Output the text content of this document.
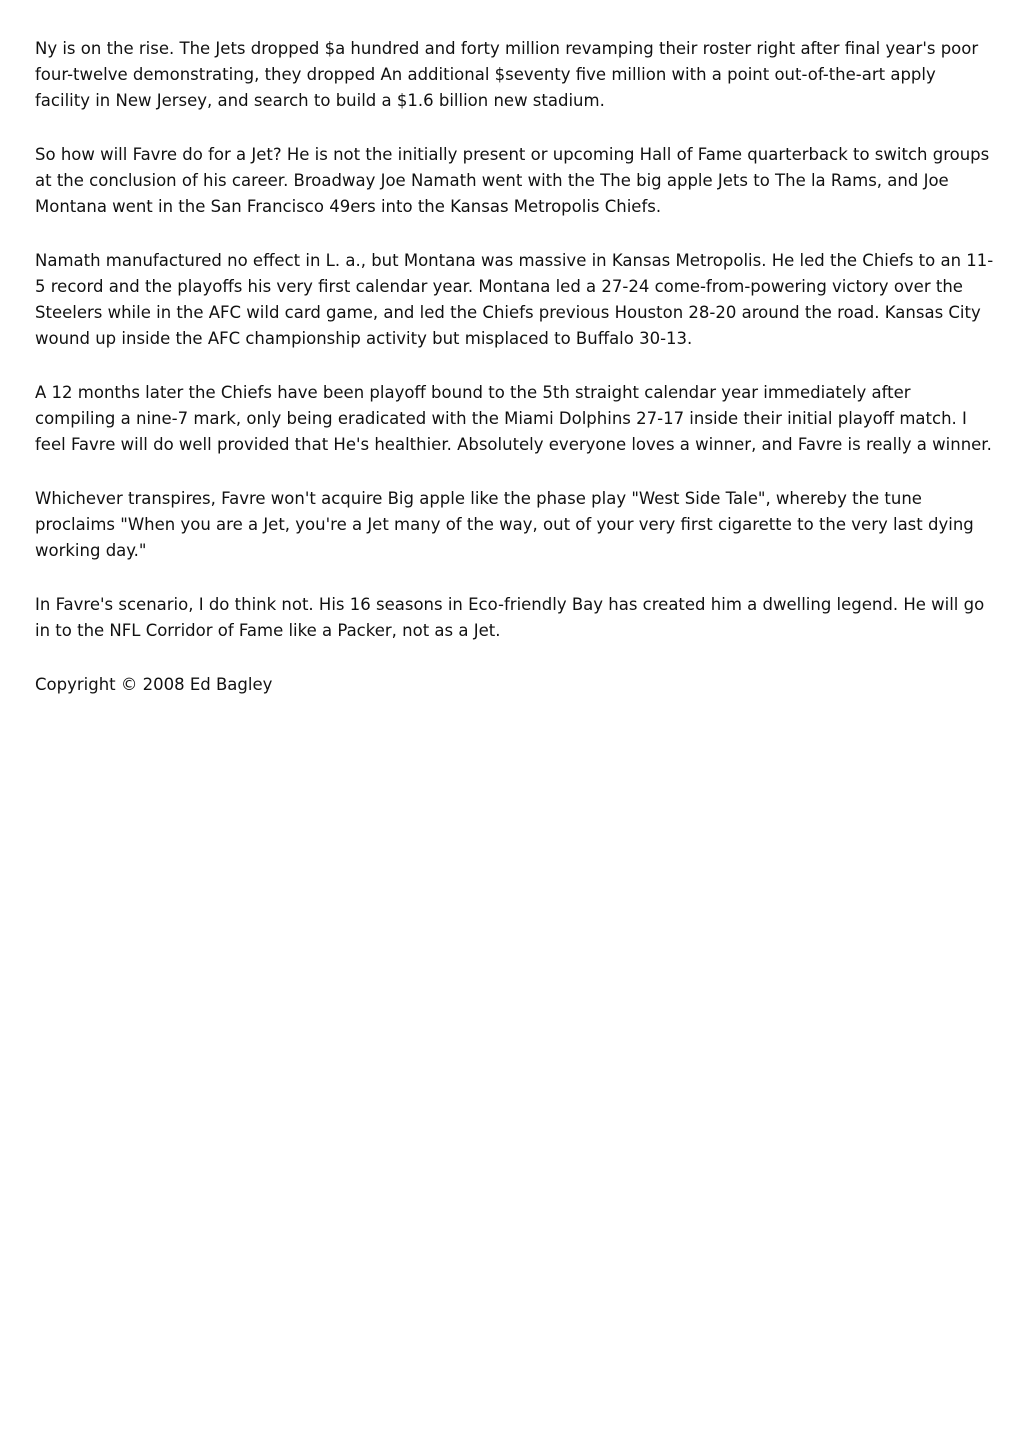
Ny is on the rise. The Jets dropped $a hundred and forty million revamping their roster right after final year's poor four-twelve demonstrating, they dropped An additional $seventy five million with a point out-of-the-art apply facility in New Jersey, and search to build a $1.6 billion new stadium.

So how will Favre do for a Jet? He is not the initially present or upcoming Hall of Fame quarterback to switch groups at the conclusion of his career. Broadway Joe Namath went with the The big apple Jets to The la Rams, and Joe Montana went in the San Francisco 49ers into the Kansas Metropolis Chiefs.

Namath manufactured no effect in L. a., but Montana was massive in Kansas Metropolis. He led the Chiefs to an 11-5 record and the playoffs his very first calendar year. Montana led a 27-24 come-from-powering victory over the Steelers while in the AFC wild card game, and led the Chiefs previous Houston 28-20 around the road. Kansas City wound up inside the AFC championship activity but misplaced to Buffalo 30-13.

A 12 months later the Chiefs have been playoff bound to the 5th straight calendar year immediately after compiling a nine-7 mark, only being eradicated with the Miami Dolphins 27-17 inside their initial playoff match. I feel Favre will do well provided that He's healthier. Absolutely everyone loves a winner, and Favre is really a winner.

Whichever transpires, Favre won't acquire Big apple like the phase play "West Side Tale", whereby the tune proclaims "When you are a Jet, you're a Jet many of the way, out of your very first cigarette to the very last dying working day."

In Favre's scenario, I do think not. His 16 seasons in Eco-friendly Bay has created him a dwelling legend. He will go in to the NFL Corridor of Fame like a Packer, not as a Jet.

Copyright © 2008 Ed Bagley
